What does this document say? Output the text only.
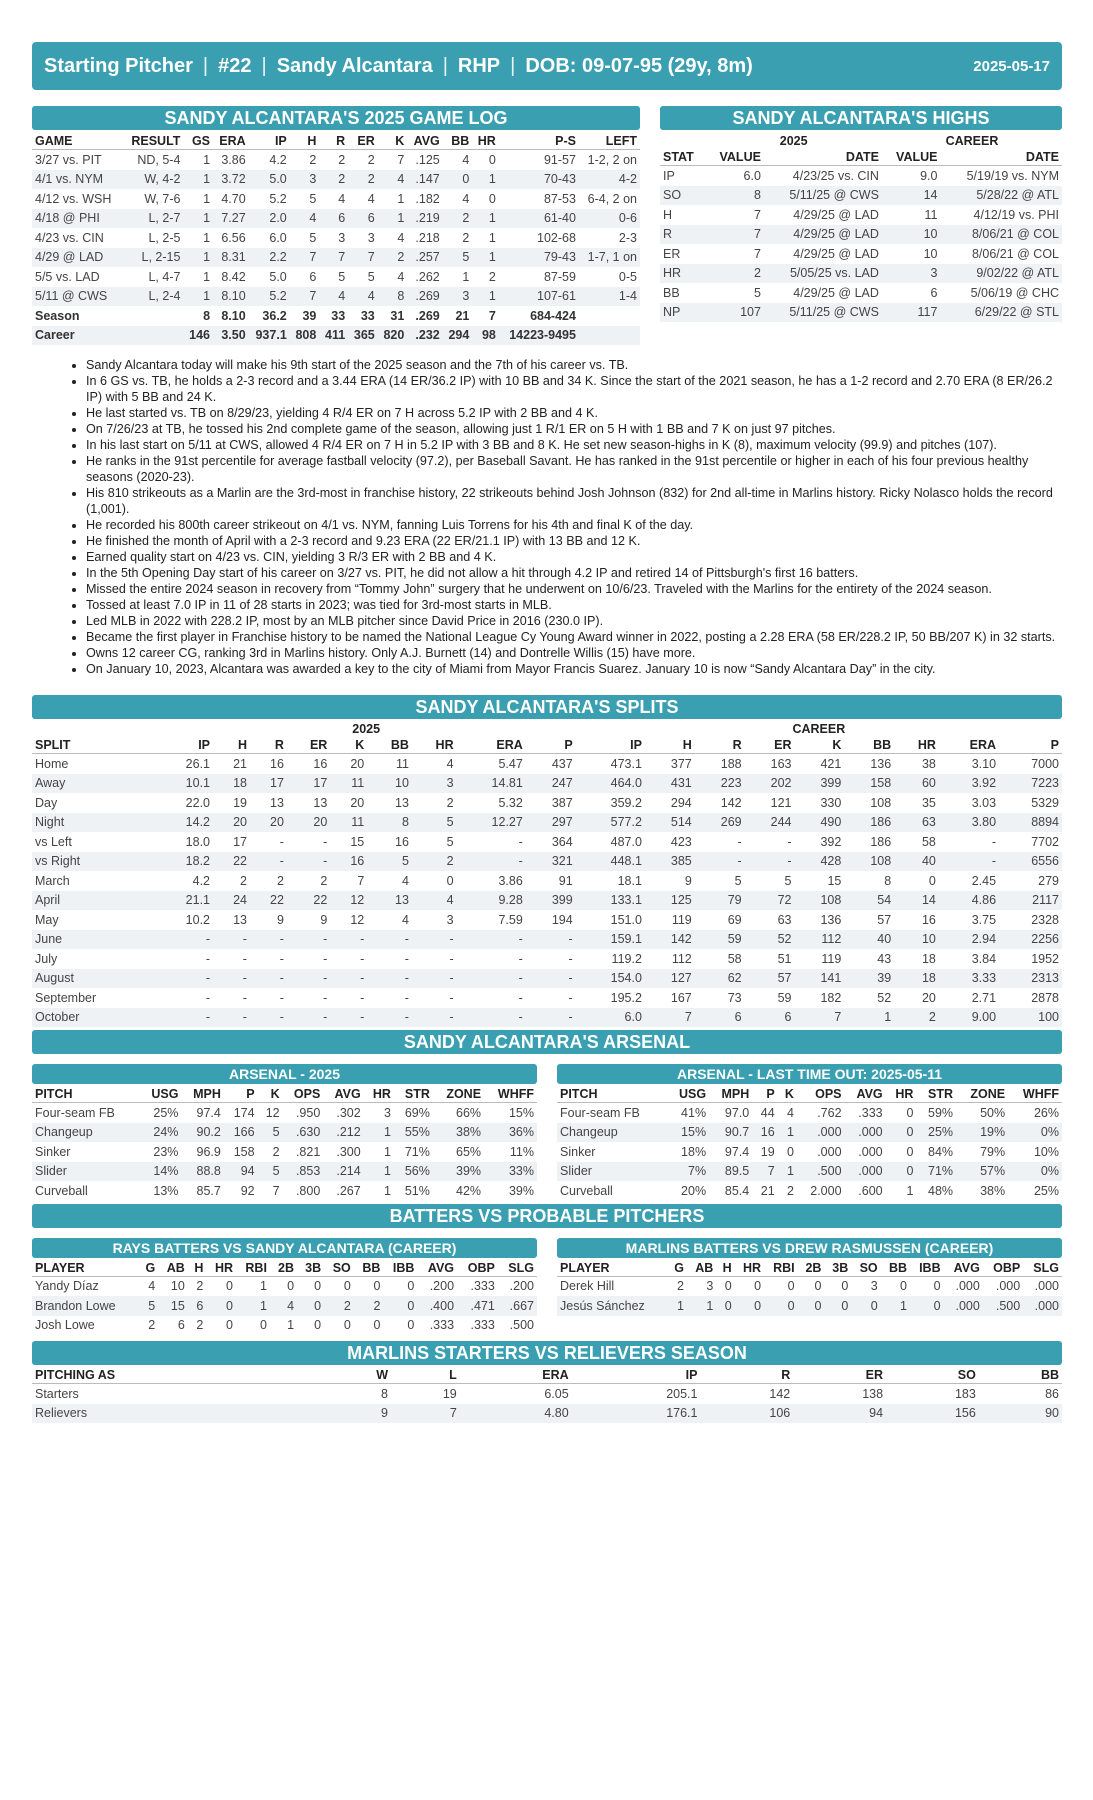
Starting Pitcher | #22 | Sandy Alcantara | RHP | DOB: 09-07-95 (29y, 8m)	2025-05-17
SANDY ALCANTARA'S 2025 GAME LOG
GAME	RESULT	GS	ERA	IP	H	R	ER	K	AVG	BB	HR	P-S	LEFT
3/27 vs. PIT	ND, 5-4	1	3.86	4.2	2	2	2	7	.125	4	0	91-57	1-2, 2 on
4/1 vs. NYM	W, 4-2	1	3.72	5.0	3	2	2	4	.147	0	1	70-43	4-2
4/12 vs. WSH	W, 7-6	1	4.70	5.2	5	4	4	1	.182	4	0	87-53	6-4, 2 on
4/18 @ PHI	L, 2-7	1	7.27	2.0	4	6	6	1	.219	2	1	61-40	0-6
4/23 vs. CIN	L, 2-5	1	6.56	6.0	5	3	3	4	.218	2	1	102-68	2-3
4/29 @ LAD	L, 2-15	1	8.31	2.2	7	7	7	2	.257	5	1	79-43	1-7, 1 on
5/5 vs. LAD	L, 4-7	1	8.42	5.0	6	5	5	4	.262	1	2	87-59	0-5
5/11 @ CWS	L, 2-4	1	8.10	5.2	7	4	4	8	.269	3	1	107-61	1-4
Season		8	8.10	36.2	39	33	33	31	.269	21	7	684-424	
Career		146	3.50	937.1	808	411	365	820	.232	294	98	14223-9495	
SANDY ALCANTARA'S HIGHS
	2025		CAREER	
STAT	VALUE	DATE	VALUE	DATE
IP	6.0	4/23/25 vs. CIN	9.0	5/19/19 vs. NYM
SO	8	5/11/25 @ CWS	14	5/28/22 @ ATL
H	7	4/29/25 @ LAD	11	4/12/19 vs. PHI
R	7	4/29/25 @ LAD	10	8/06/21 @ COL
ER	7	4/29/25 @ LAD	10	8/06/21 @ COL
HR	2	5/05/25 vs. LAD	3	9/02/22 @ ATL
BB	5	4/29/25 @ LAD	6	5/06/19 @ CHC
NP	107	5/11/25 @ CWS	117	6/29/22 @ STL
• Sandy Alcantara today will make his 9th start of the 2025 season and the 7th of his career vs. TB.
• In 6 GS vs. TB, he holds a 2-3 record and a 3.44 ERA (14 ER/36.2 IP) with 10 BB and 34 K. Since the start of the 2021 season, he has a 1-2 record and 2.70 ERA (8 ER/26.2 IP) with 5 BB and 24 K.
• He last started vs. TB on 8/29/23, yielding 4 R/4 ER on 7 H across 5.2 IP with 2 BB and 4 K.
• On 7/26/23 at TB, he tossed his 2nd complete game of the season, allowing just 1 R/1 ER on 5 H with 1 BB and 7 K on just 97 pitches.
• In his last start on 5/11 at CWS, allowed 4 R/4 ER on 7 H in 5.2 IP with 3 BB and 8 K. He set new season-highs in K (8), maximum velocity (99.9) and pitches (107).
• He ranks in the 91st percentile for average fastball velocity (97.2), per Baseball Savant. He has ranked in the 91st percentile or higher in each of his four previous healthy seasons (2020-23).
• His 810 strikeouts as a Marlin are the 3rd-most in franchise history, 22 strikeouts behind Josh Johnson (832) for 2nd all-time in Marlins history. Ricky Nolasco holds the record (1,001).
• He recorded his 800th career strikeout on 4/1 vs. NYM, fanning Luis Torrens for his 4th and final K of the day.
• He finished the month of April with a 2-3 record and 9.23 ERA (22 ER/21.1 IP) with 13 BB and 12 K.
• Earned quality start on 4/23 vs. CIN, yielding 3 R/3 ER with 2 BB and 4 K.
• In the 5th Opening Day start of his career on 3/27 vs. PIT, he did not allow a hit through 4.2 IP and retired 14 of Pittsburgh's first 16 batters.
• Missed the entire 2024 season in recovery from “Tommy John” surgery that he underwent on 10/6/23. Traveled with the Marlins for the entirety of the 2024 season.
• Tossed at least 7.0 IP in 11 of 28 starts in 2023; was tied for 3rd-most starts in MLB.
• Led MLB in 2022 with 228.2 IP, most by an MLB pitcher since David Price in 2016 (230.0 IP).
• Became the first player in Franchise history to be named the National League Cy Young Award winner in 2022, posting a 2.28 ERA (58 ER/228.2 IP, 50 BB/207 K) in 32 starts.
• Owns 12 career CG, ranking 3rd in Marlins history. Only A.J. Burnett (14) and Dontrelle Willis (15) have more.
• On January 10, 2023, Alcantara was awarded a key to the city of Miami from Mayor Francis Suarez. January 10 is now “Sandy Alcantara Day” in the city.
SANDY ALCANTARA'S SPLITS
	2025									CAREER								
SPLIT	IP	H	R	ER	K	BB	HR	ERA	P	IP	H	R	ER	K	BB	HR	ERA	P
Home	26.1	21	16	16	20	11	4	5.47	437	473.1	377	188	163	421	136	38	3.10	7000
Away	10.1	18	17	17	11	10	3	14.81	247	464.0	431	223	202	399	158	60	3.92	7223
Day	22.0	19	13	13	20	13	2	5.32	387	359.2	294	142	121	330	108	35	3.03	5329
Night	14.2	20	20	20	11	8	5	12.27	297	577.2	514	269	244	490	186	63	3.80	8894
vs Left	18.0	17	-	-	15	16	5	-	364	487.0	423	-	-	392	186	58	-	7702
vs Right	18.2	22	-	-	16	5	2	-	321	448.1	385	-	-	428	108	40	-	6556
March	4.2	2	2	2	7	4	0	3.86	91	18.1	9	5	5	15	8	0	2.45	279
April	21.1	24	22	22	12	13	4	9.28	399	133.1	125	79	72	108	54	14	4.86	2117
May	10.2	13	9	9	12	4	3	7.59	194	151.0	119	69	63	136	57	16	3.75	2328
June	-	-	-	-	-	-	-	-	-	159.1	142	59	52	112	40	10	2.94	2256
July	-	-	-	-	-	-	-	-	-	119.2	112	58	51	119	43	18	3.84	1952
August	-	-	-	-	-	-	-	-	-	154.0	127	62	57	141	39	18	3.33	2313
September	-	-	-	-	-	-	-	-	-	195.2	167	73	59	182	52	20	2.71	2878
October	-	-	-	-	-	-	-	-	-	6.0	7	6	6	7	1	2	9.00	100
SANDY ALCANTARA'S ARSENAL
ARSENAL - 2025
PITCH	USG	MPH	P	K	OPS	AVG	HR	STR	ZONE	WHFF
Four-seam FB	25%	97.4	174	12	.950	.302	3	69%	66%	15%
Changeup	24%	90.2	166	5	.630	.212	1	55%	38%	36%
Sinker	23%	96.9	158	2	.821	.300	1	71%	65%	11%
Slider	14%	88.8	94	5	.853	.214	1	56%	39%	33%
Curveball	13%	85.7	92	7	.800	.267	1	51%	42%	39%
ARSENAL - LAST TIME OUT: 2025-05-11
PITCH	USG	MPH	P	K	OPS	AVG	HR	STR	ZONE	WHFF
Four-seam FB	41%	97.0	44	4	.762	.333	0	59%	50%	26%
Changeup	15%	90.7	16	1	.000	.000	0	25%	19%	0%
Sinker	18%	97.4	19	0	.000	.000	0	84%	79%	10%
Slider	7%	89.5	7	1	.500	.000	0	71%	57%	0%
Curveball	20%	85.4	21	2	2.000	.600	1	48%	38%	25%
BATTERS VS PROBABLE PITCHERS
RAYS BATTERS VS SANDY ALCANTARA (CAREER)
PLAYER	G	AB	H	HR	RBI	2B	3B	SO	BB	IBB	AVG	OBP	SLG
Yandy Díaz	4	10	2	0	1	0	0	0	0	0	.200	.333	.200
Brandon Lowe	5	15	6	0	1	4	0	2	2	0	.400	.471	.667
Josh Lowe	2	6	2	0	0	1	0	0	0	0	.333	.333	.500
MARLINS BATTERS VS DREW RASMUSSEN (CAREER)
PLAYER	G	AB	H	HR	RBI	2B	3B	SO	BB	IBB	AVG	OBP	SLG
Derek Hill	2	3	0	0	0	0	0	3	0	0	.000	.000	.000
Jesús Sánchez	1	1	0	0	0	0	0	0	1	0	.000	.500	.000
MARLINS STARTERS VS RELIEVERS SEASON
PITCHING AS	W	L	ERA	IP	R	ER	SO	BB
Starters	8	19	6.05	205.1	142	138	183	86
Relievers	9	7	4.80	176.1	106	94	156	90
